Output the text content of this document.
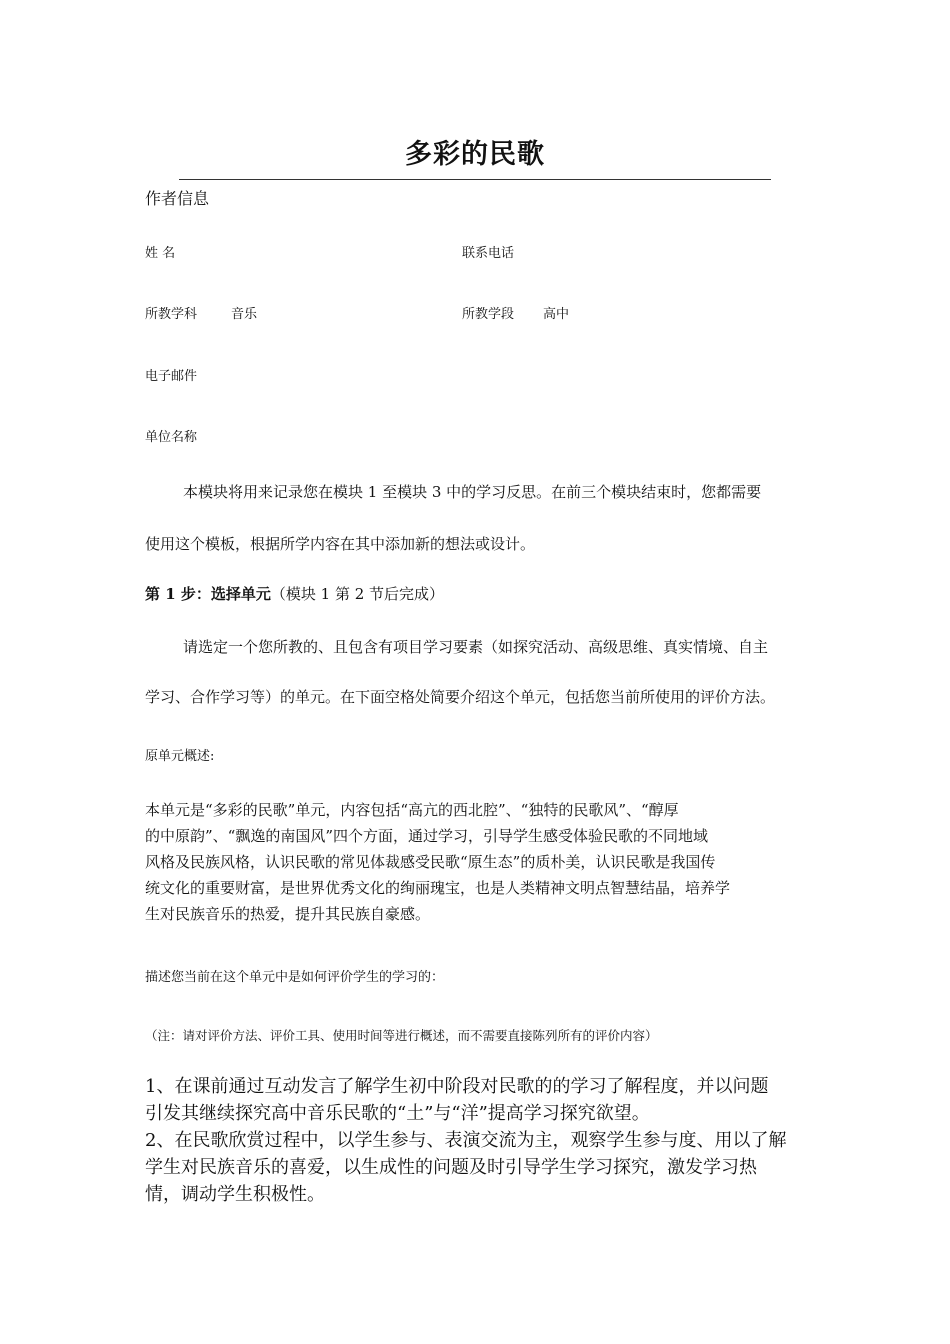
多彩的民歌
作者信息
姓 名	联系电话
所教学科	音乐	所教学段 高中
电子邮件
单位名称
本模块将用来记录您在模块 1 至模块 3 中的学习反思。在前三个模块结束时，您都需要
使用这个模板，根据所学内容在其中添加新的想法或设计。
第 1 步：选择单元（模块 1 第 2 节后完成）
请选定一个您所教的、且包含有项目学习要素（如探究活动、高级思维、真实情境、自主
学习、合作学习等）的单元。在下面空格处简要介绍这个单元，包括您当前所使用的评价方法。
原单元概述:
本单元是“多彩的民歌”单元，内容包括“高亢的西北腔”、“独特的民歌风”、“醇厚
的中原韵”、“飘逸的南国风”四个方面，通过学习，引导学生感受体验民歌的不同地域
风格及民族风格，认识民歌的常见体裁感受民歌“原生态”的质朴美，认识民歌是我国传
统文化的重要财富，是世界优秀文化的绚丽瑰宝，也是人类精神文明点智慧结晶，培养学
生对民族音乐的热爱，提升其民族自豪感。
描述您当前在这个单元中是如何评价学生的学习的：
（注：请对评价方法、评价工具、使用时间等进行概述，而不需要直接陈列所有的评价内容）
1、在课前通过互动发言了解学生初中阶段对民歌的的学习了解程度，并以问题
引发其继续探究高中音乐民歌的“土”与“洋”提高学习探究欲望。
2、在民歌欣赏过程中，以学生参与、表演交流为主，观察学生参与度、用以了解
学生对民族音乐的喜爱，以生成性的问题及时引导学生学习探究，激发学习热
情，调动学生积极性。
